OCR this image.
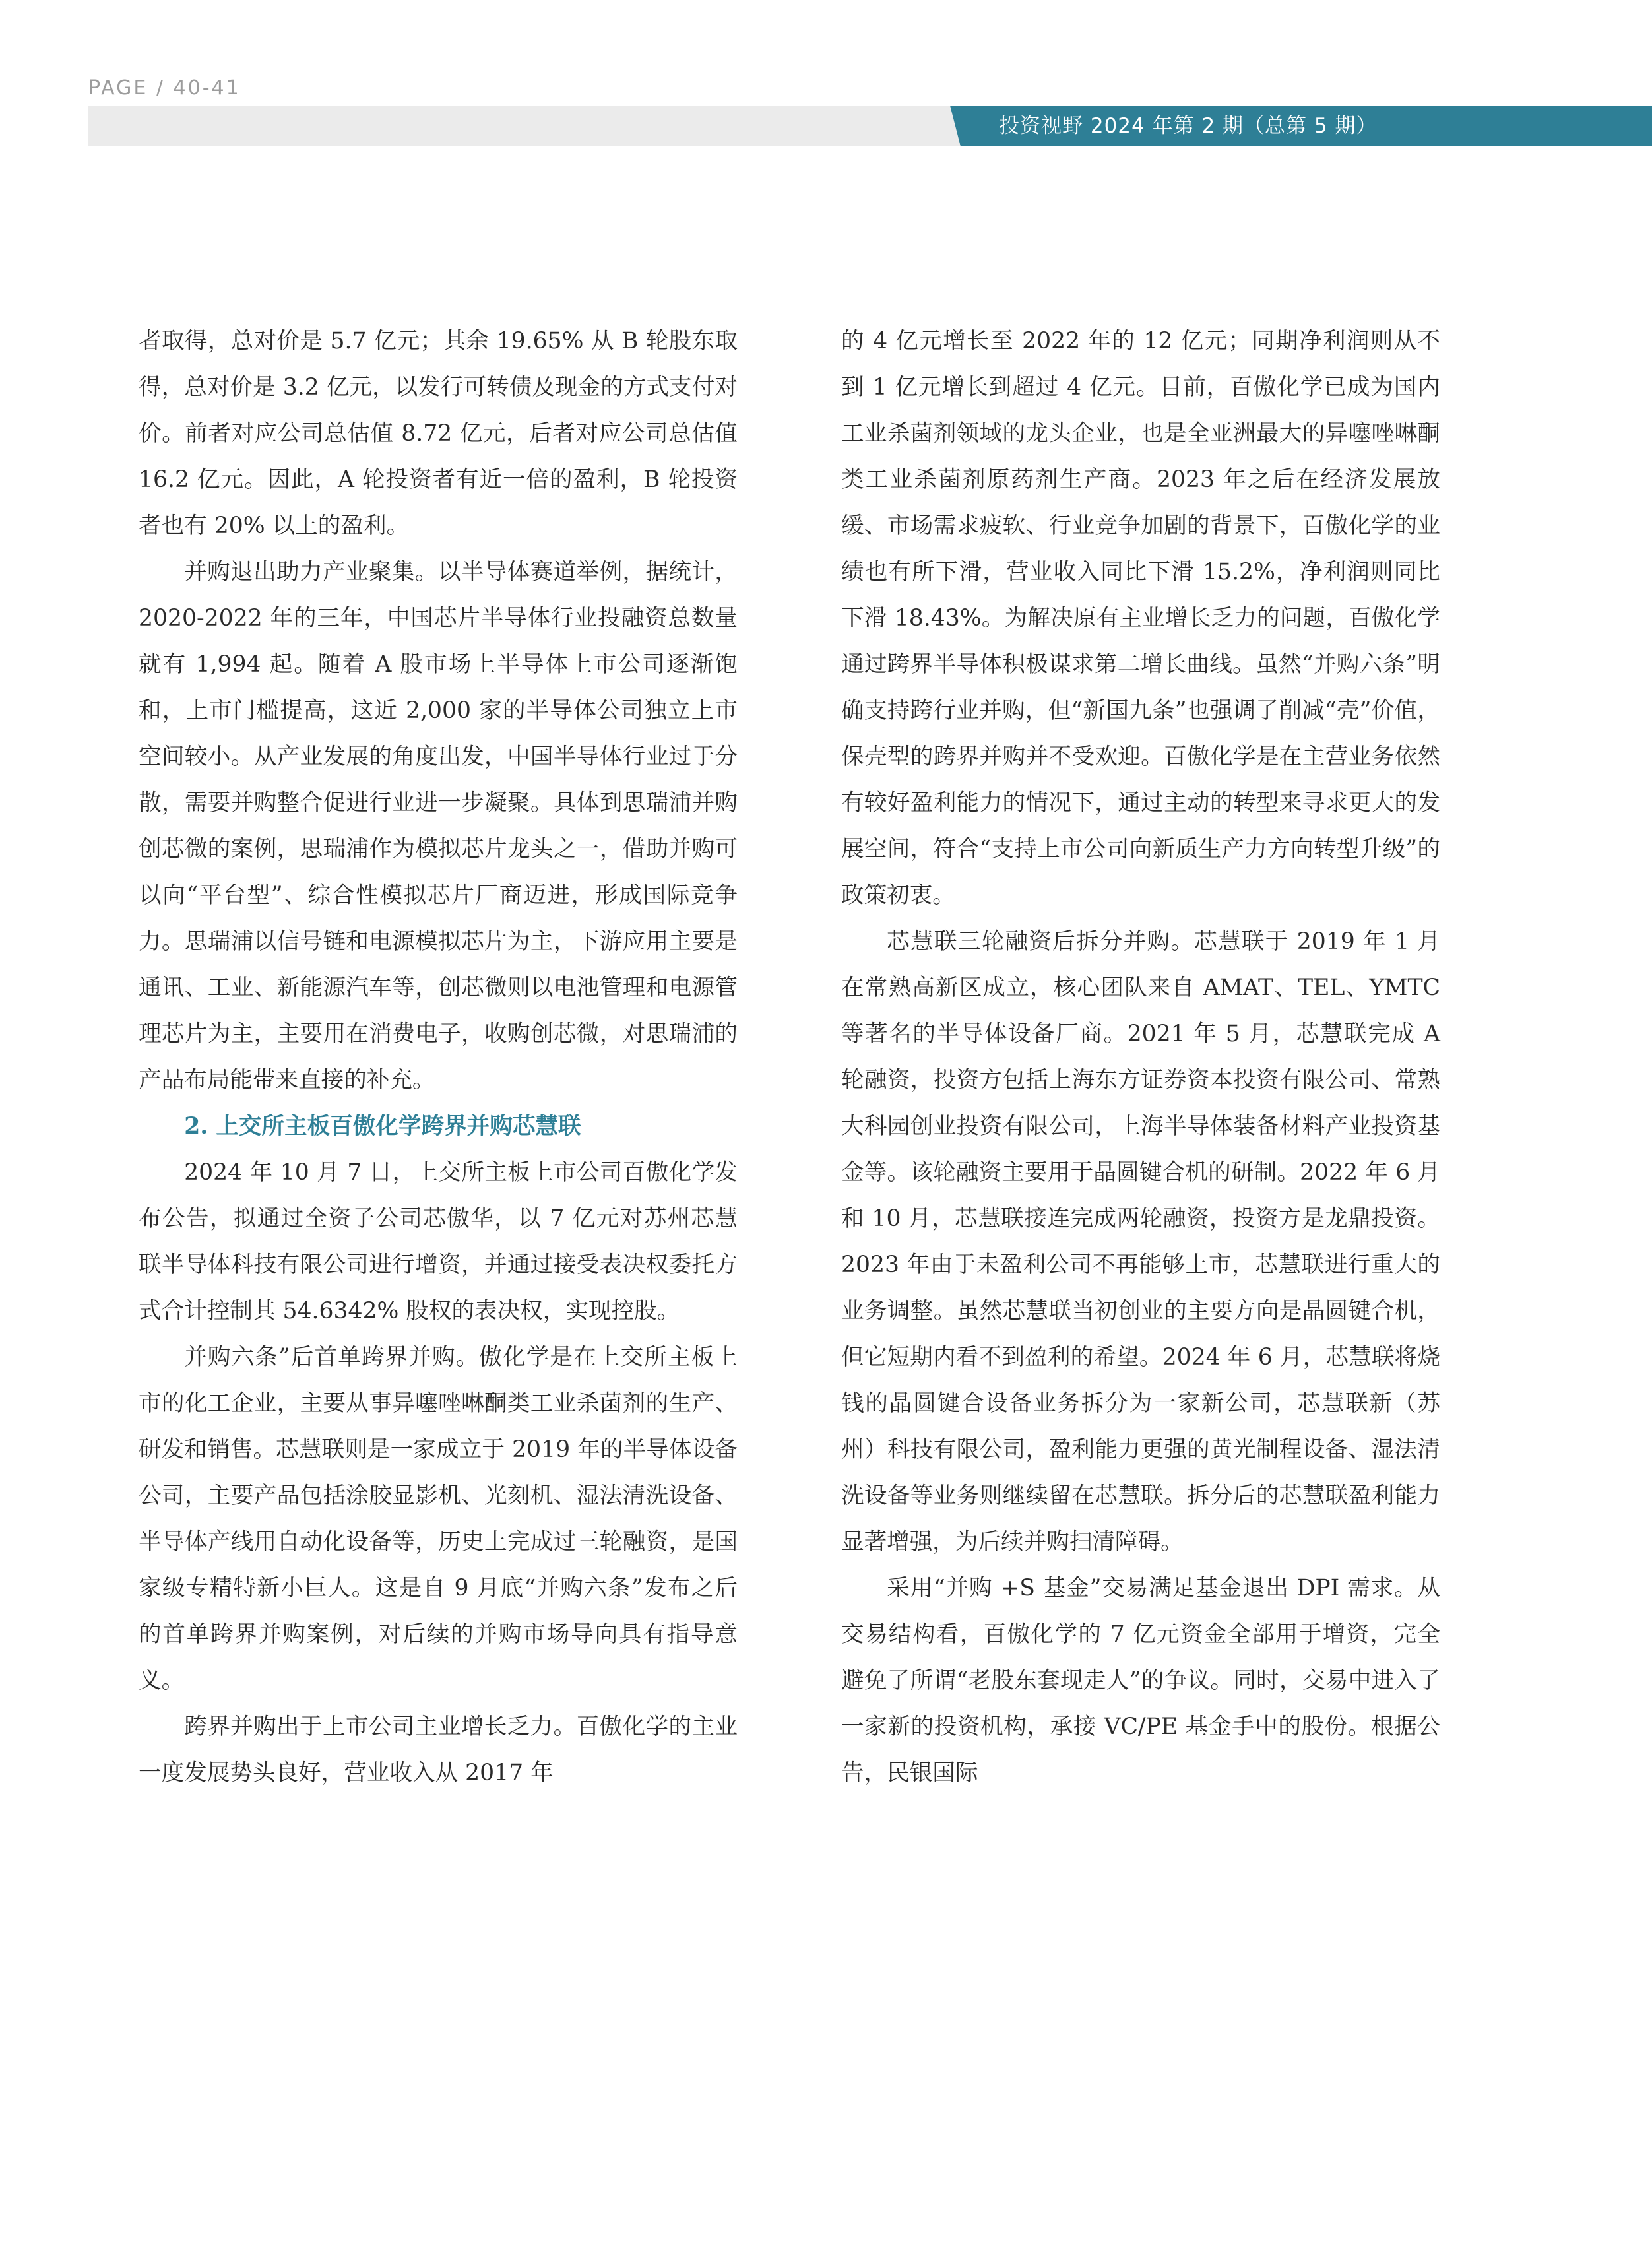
PAGE / 40-41
投资视野 2024 年第 2 期（总第 5 期）

者取得，总对价是 5.7 亿元；其余 19.65% 从 B 轮股东取得，总对价是 3.2 亿元，以发行可转债及现金的方式支付对价。前者对应公司总估值 8.72 亿元，后者对应公司总估值 16.2 亿元。因此，A 轮投资者有近一倍的盈利，B 轮投资者也有 20% 以上的盈利。

并购退出助力产业聚集。以半导体赛道举例，据统计， 2020-2022 年的三年，中国芯片半导体行业投融资总数量就有 1,994 起。随着 A 股市场上半导体上市公司逐渐饱和，上市门槛提高，这近 2,000 家的半导体公司独立上市空间较小。从产业发展的角度出发，中国半导体行业过于分散，需要并购整合促进行业进一步凝聚。具体到思瑞浦并购创芯微的案例，思瑞浦作为模拟芯片龙头之一，借助并购可以向“平台型”、综合性模拟芯片厂商迈进，形成国际竞争力。思瑞浦以信号链和电源模拟芯片为主，下游应用主要是通讯、工业、新能源汽车等，创芯微则以电池管理和电源管理芯片为主，主要用在消费电子，收购创芯微，对思瑞浦的产品布局能带来直接的补充。

2. 上交所主板百傲化学跨界并购芯慧联

2024 年 10 月 7 日，上交所主板上市公司百傲化学发布公告，拟通过全资子公司芯傲华，以 7 亿元对苏州芯慧联半导体科技有限公司进行增资，并通过接受表决权委托方式合计控制其 54.6342% 股权的表决权，实现控股。

并购六条”后首单跨界并购。傲化学是在上交所主板上市的化工企业，主要从事异噻唑啉酮类工业杀菌剂的生产、研发和销售。芯慧联则是一家成立于 2019 年的半导体设备公司，主要产品包括涂胶显影机、光刻机、湿法清洗设备、半导体产线用自动化设备等，历史上完成过三轮融资，是国家级专精特新小巨人。这是自 9 月底“并购六条”发布之后的首单跨界并购案例，对后续的并购市场导向具有指导意义。

跨界并购出于上市公司主业增长乏力。百傲化学的主业一度发展势头良好，营业收入从 2017 年

的 4 亿元增长至 2022 年的 12 亿元；同期净利润则从不到 1 亿元增长到超过 4 亿元。目前，百傲化学已成为国内工业杀菌剂领域的龙头企业，也是全亚洲最大的异噻唑啉酮类工业杀菌剂原药剂生产商。2023 年之后在经济发展放缓、市场需求疲软、行业竞争加剧的背景下，百傲化学的业绩也有所下滑，营业收入同比下滑 15.2%，净利润则同比下滑 18.43%。为解决原有主业增长乏力的问题，百傲化学通过跨界半导体积极谋求第二增长曲线。虽然“并购六条”明确支持跨行业并购，但“新国九条”也强调了削减“壳”价值，保壳型的跨界并购并不受欢迎。百傲化学是在主营业务依然有较好盈利能力的情况下，通过主动的转型来寻求更大的发展空间，符合“支持上市公司向新质生产力方向转型升级”的政策初衷。

芯慧联三轮融资后拆分并购。芯慧联于 2019 年 1 月在常熟高新区成立，核心团队来自 AMAT、TEL、YMTC 等著名的半导体设备厂商。2021 年 5 月，芯慧联完成 A 轮融资，投资方包括上海东方证券资本投资有限公司、常熟大科园创业投资有限公司，上海半导体装备材料产业投资基金等。该轮融资主要用于晶圆键合机的研制。2022 年 6 月和 10 月，芯慧联接连完成两轮融资，投资方是龙鼎投资。2023 年由于未盈利公司不再能够上市，芯慧联进行重大的业务调整。虽然芯慧联当初创业的主要方向是晶圆键合机，但它短期内看不到盈利的希望。2024 年 6 月，芯慧联将烧钱的晶圆键合设备业务拆分为一家新公司，芯慧联新（苏州）科技有限公司，盈利能力更强的黄光制程设备、湿法清洗设备等业务则继续留在芯慧联。拆分后的芯慧联盈利能力显著增强，为后续并购扫清障碍。

采用“并购 +S 基金”交易满足基金退出 DPI 需求。从交易结构看，百傲化学的 7 亿元资金全部用于增资，完全避免了所谓“老股东套现走人”的争议。同时，交易中进入了一家新的投资机构，承接 VC/PE 基金手中的股份。根据公告，民银国际
